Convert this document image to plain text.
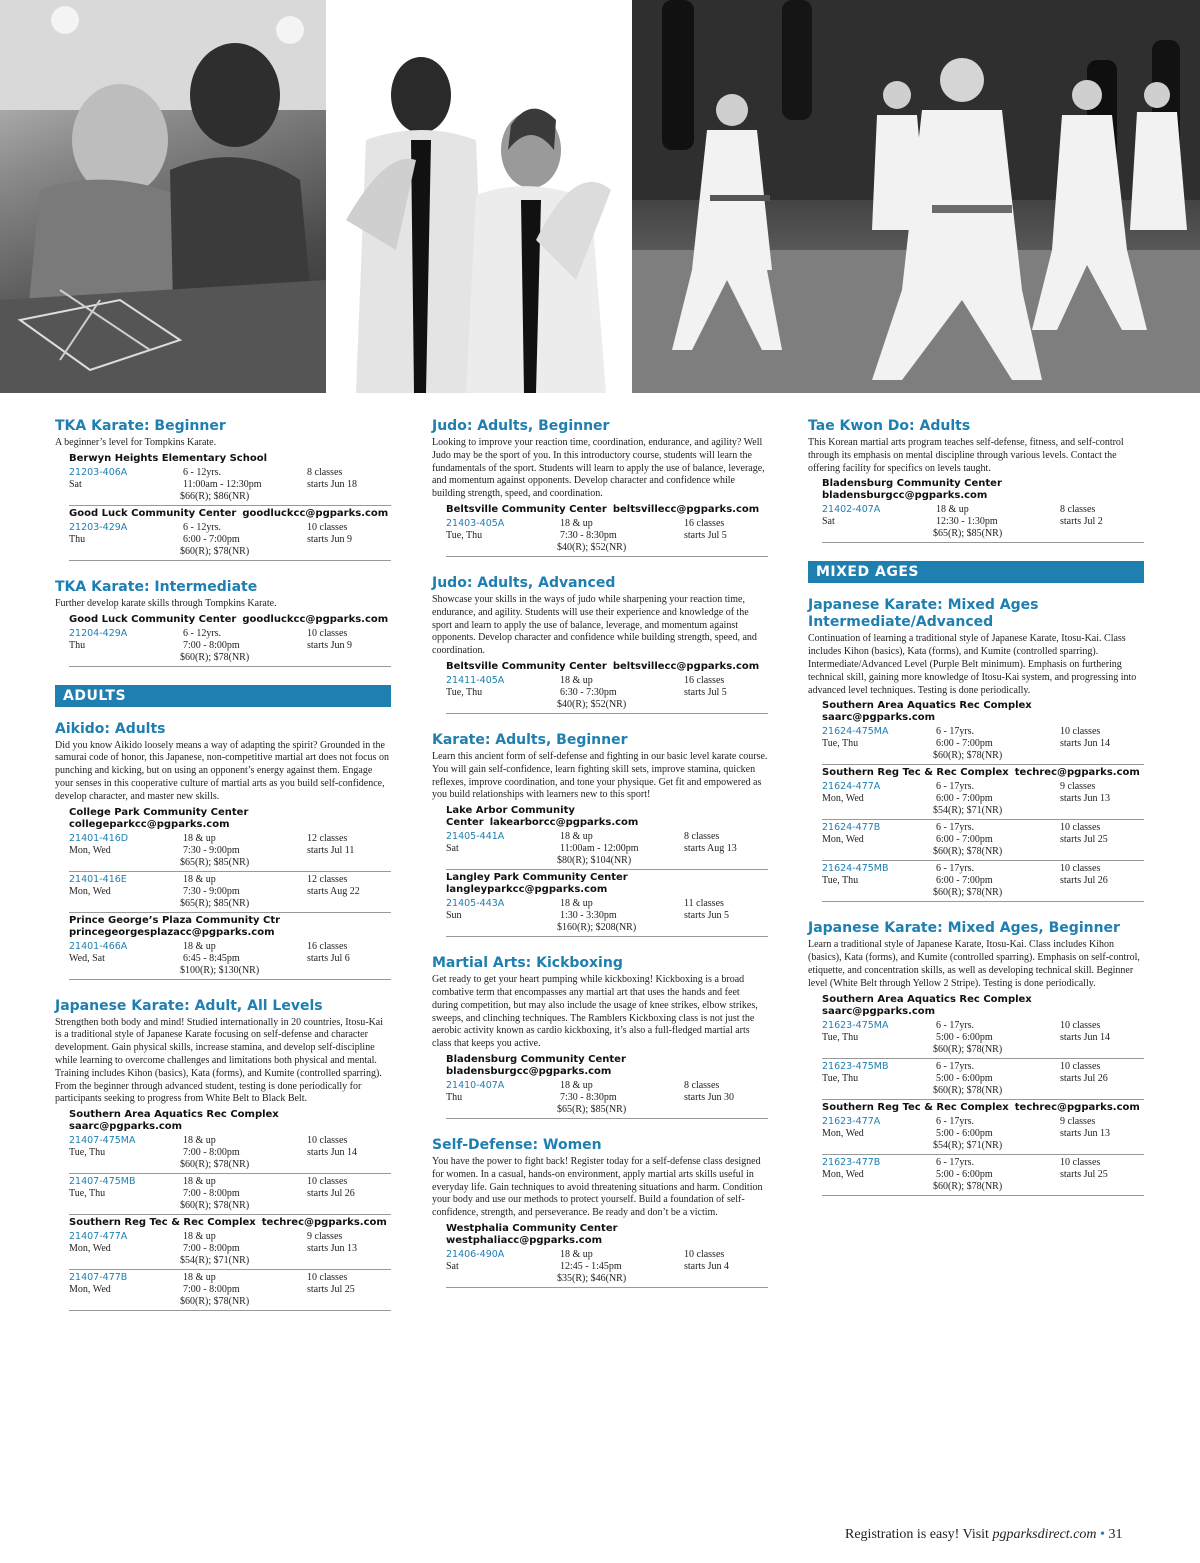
TKA Karate: Beginner
A beginner’s level for Tompkins Karate.
Berwyn Heights Elementary School
21203-406A	6 - 12yrs.	8 classes
Sat	11:00am - 12:30pm	starts Jun 18
$66(R); $86(NR)
Good Luck Community Center goodluckcc@pgparks.com
21203-429A	6 - 12yrs.	10 classes
Thu	6:00 - 7:00pm	starts Jun 9
$60(R); $78(NR)
TKA Karate: Intermediate
Further develop karate skills through Tompkins Karate.
Good Luck Community Center goodluckcc@pgparks.com
21204-429A	6 - 12yrs.	10 classes
Thu	7:00 - 8:00pm	starts Jun 9
$60(R); $78(NR)
ADULTS
Aikido: Adults
Did you know Aikido loosely means a way of adapting the spirit? Grounded in the samurai code of honor, this Japanese, non-competitive martial art does not focus on punching and kicking, but on using an opponent’s energy against them. Engage your senses in this cooperative culture of martial arts as you build self-confidence, develop character, and master new skills.
College Park Community Center
collegeparkcc@pgparks.com
21401-416D	18 & up	12 classes
Mon, Wed	7:30 - 9:00pm	starts Jul 11
$65(R); $85(NR)
21401-416E	18 & up	12 classes
Mon, Wed	7:30 - 9:00pm	starts Aug 22
$65(R); $85(NR)
Prince George’s Plaza Community Ctr
princegeorgesplazacc@pgparks.com
21401-466A	18 & up	16 classes
Wed, Sat	6:45 - 8:45pm	starts Jul 6
$100(R); $130(NR)
Japanese Karate: Adult, All Levels
Strengthen both body and mind! Studied internationally in 20 countries, Itosu-Kai is a traditional style of Japanese Karate focusing on self-defense and character development. Gain physical skills, increase stamina, and develop self-discipline while learning to overcome challenges and limitations both physical and mental. Training includes Kihon (basics), Kata (forms), and Kumite (controlled sparring). From the beginner through advanced student, testing is done periodically for participants seeking to progress from White Belt to Black Belt.
Southern Area Aquatics Rec Complex
saarc@pgparks.com
21407-475MA	18 & up	10 classes
Tue, Thu	7:00 - 8:00pm	starts Jun 14
$60(R); $78(NR)
21407-475MB	18 & up	10 classes
Tue, Thu	7:00 - 8:00pm	starts Jul 26
$60(R); $78(NR)
Southern Reg Tec & Rec Complex techrec@pgparks.com
21407-477A	18 & up	9 classes
Mon, Wed	7:00 - 8:00pm	starts Jun 13
$54(R); $71(NR)
21407-477B	18 & up	10 classes
Mon, Wed	7:00 - 8:00pm	starts Jul 25
$60(R); $78(NR)
Judo: Adults, Beginner
Looking to improve your reaction time, coordination, endurance, and agility? Well Judo may be the sport of you. In this introductory course, students will learn the fundamentals of the sport. Students will learn to apply the use of balance, leverage, and momentum against opponents. Develop character and confidence while building strength, speed, and coordination.
Beltsville Community Center beltsvillecc@pgparks.com
21403-405A	18 & up	16 classes
Tue, Thu	7:30 - 8:30pm	starts Jul 5
$40(R); $52(NR)
Judo: Adults, Advanced
Showcase your skills in the ways of judo while sharpening your reaction time, endurance, and agility. Students will use their experience and knowledge of the sport and learn to apply the use of balance, leverage, and momentum against opponents. Develop character and confidence while building strength, speed, and coordination.
Beltsville Community Center beltsvillecc@pgparks.com
21411-405A	18 & up	16 classes
Tue, Thu	6:30 - 7:30pm	starts Jul 5
$40(R); $52(NR)
Karate: Adults, Beginner
Learn this ancient form of self-defense and fighting in our basic level karate course. You will gain self-confidence, learn fighting skill sets, improve stamina, quicken reflexes, improve coordination, and tone your physique. Get fit and empowered as you build relationships with learners new to this sport!
Lake Arbor Community Center lakearborcc@pgparks.com
21405-441A	18 & up	8 classes
Sat	11:00am - 12:00pm	starts Aug 13
$80(R); $104(NR)
Langley Park Community Center
langleyparkcc@pgparks.com
21405-443A	18 & up	11 classes
Sun	1:30 - 3:30pm	starts Jun 5
$160(R); $208(NR)
Martial Arts: Kickboxing
Get ready to get your heart pumping while kickboxing! Kickboxing is a broad combative term that encompasses any martial art that uses the hands and feet during competition, but may also include the usage of knee strikes, elbow strikes, sweeps, and clinching techniques. The Ramblers Kickboxing class is not just the aerobic activity known as cardio kickboxing, it’s also a full-fledged martial arts class that keeps you active.
Bladensburg Community Center
bladensburgcc@pgparks.com
21410-407A	18 & up	8 classes
Thu	7:30 - 8:30pm	starts Jun 30
$65(R); $85(NR)
Self-Defense: Women
You have the power to fight back! Register today for a self-defense class designed for women. In a casual, hands-on environment, apply martial arts skills useful in everyday life. Gain techniques to avoid threatening situations and harm. Condition your body and use our methods to protect yourself. Build a foundation of self-confidence, strength, and perseverance. Be ready and don’t be a victim.
Westphalia Community Center
westphaliacc@pgparks.com
21406-490A	18 & up	10 classes
Sat	12:45 - 1:45pm	starts Jun 4
$35(R); $46(NR)
Tae Kwon Do: Adults
This Korean martial arts program teaches self-defense, fitness, and self-control through its emphasis on mental discipline through various levels. Contact the offering facility for specifics on levels taught.
Bladensburg Community Center
bladensburgcc@pgparks.com
21402-407A	18 & up	8 classes
Sat	12:30 - 1:30pm	starts Jul 2
$65(R); $85(NR)
MIXED AGES
Japanese Karate: Mixed Ages Intermediate/Advanced
Continuation of learning a traditional style of Japanese Karate, Itosu-Kai. Class includes Kihon (basics), Kata (forms), and Kumite (controlled sparring). Intermediate/Advanced Level (Purple Belt minimum). Emphasis on furthering technical skill, gaining more knowledge of Itosu-Kai system, and progressing into advanced level techniques. Testing is done periodically.
Southern Area Aquatics Rec Complex
saarc@pgparks.com
21624-475MA	6 - 17yrs.	10 classes
Tue, Thu	6:00 - 7:00pm	starts Jun 14
$60(R); $78(NR)
Southern Reg Tec & Rec Complex techrec@pgparks.com
21624-477A	6 - 17yrs.	9 classes
Mon, Wed	6:00 - 7:00pm	starts Jun 13
$54(R); $71(NR)
21624-477B	6 - 17yrs.	10 classes
Mon, Wed	6:00 - 7:00pm	starts Jul 25
$60(R); $78(NR)
21624-475MB	6 - 17yrs.	10 classes
Tue, Thu	6:00 - 7:00pm	starts Jul 26
$60(R); $78(NR)
Japanese Karate: Mixed Ages, Beginner
Learn a traditional style of Japanese Karate, Itosu-Kai. Class includes Kihon (basics), Kata (forms), and Kumite (controlled sparring). Emphasis on self-control, etiquette, and concentration skills, as well as developing technical skill. Beginner level (White Belt through Yellow 2 Stripe). Testing is done periodically.
Southern Area Aquatics Rec Complex
saarc@pgparks.com
21623-475MA	6 - 17yrs.	10 classes
Tue, Thu	5:00 - 6:00pm	starts Jun 14
$60(R); $78(NR)
21623-475MB	6 - 17yrs.	10 classes
Tue, Thu	5:00 - 6:00pm	starts Jul 26
$60(R); $78(NR)
Southern Reg Tec & Rec Complex techrec@pgparks.com
21623-477A	6 - 17yrs.	9 classes
Mon, Wed	5:00 - 6:00pm	starts Jun 13
$54(R); $71(NR)
21623-477B	6 - 17yrs.	10 classes
Mon, Wed	5:00 - 6:00pm	starts Jul 25
$60(R); $78(NR)
Registration is easy! Visit pgparksdirect.com • 31
